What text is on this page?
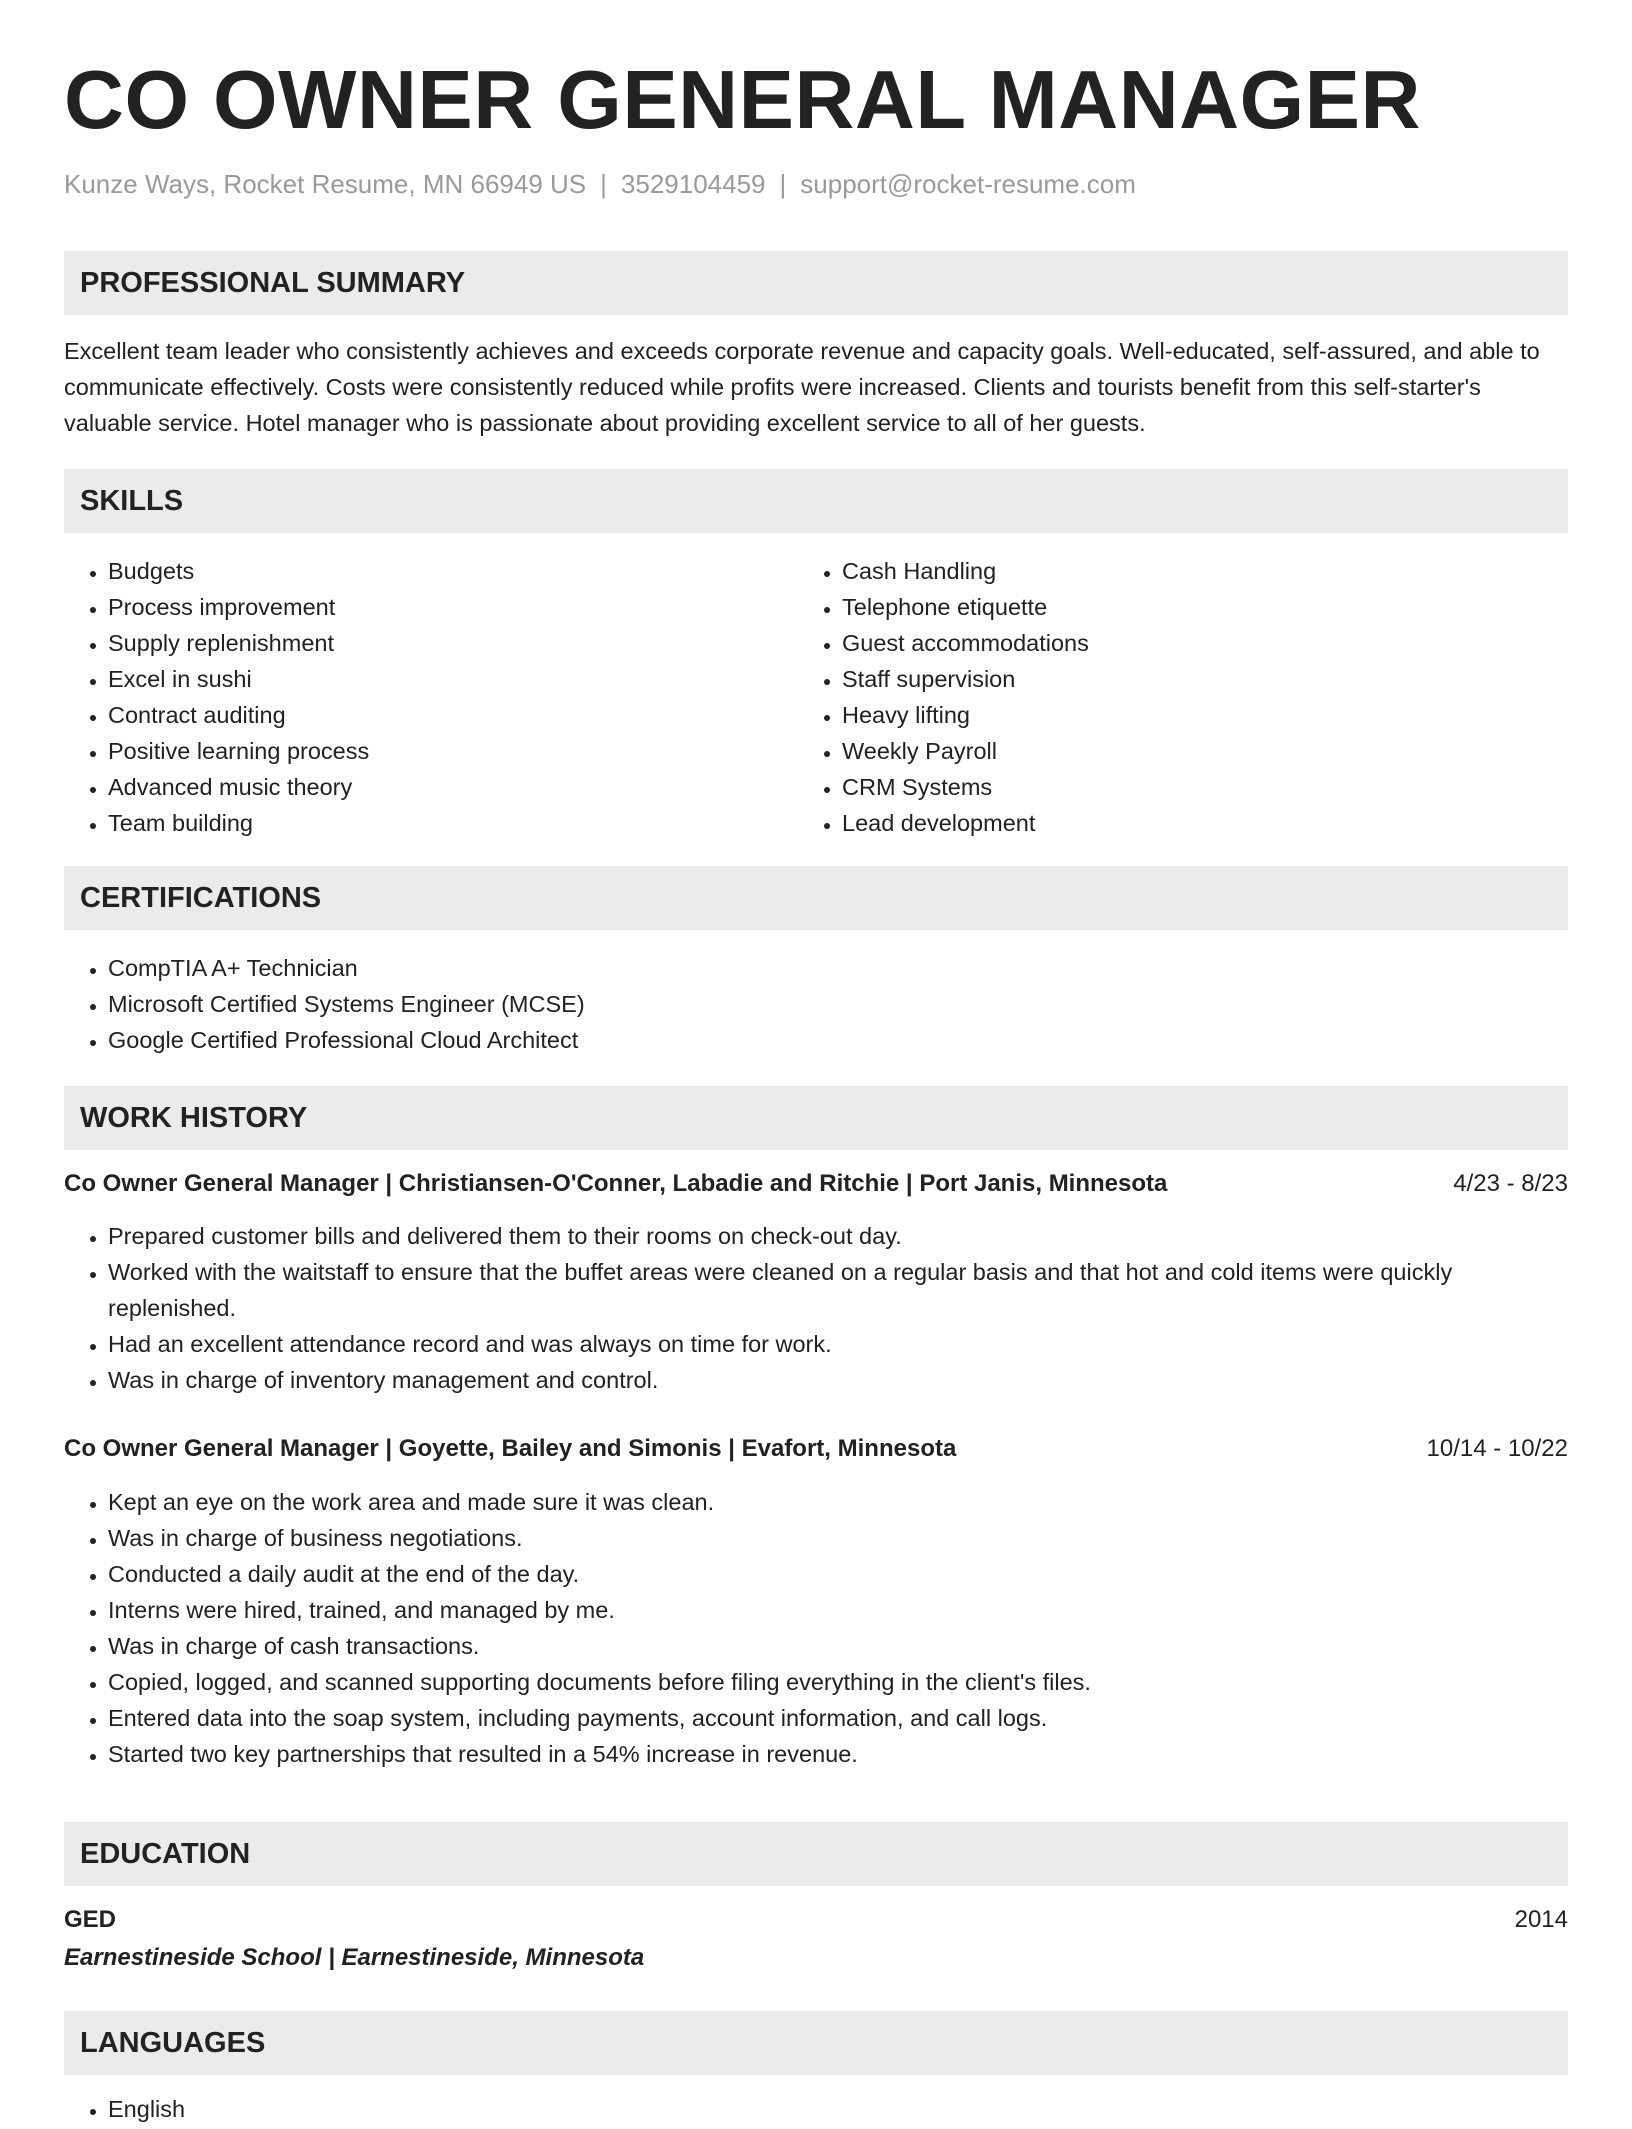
CO OWNER GENERAL MANAGER
Kunze Ways, Rocket Resume, MN 66949 US | 3529104459 | support@rocket-resume.com
PROFESSIONAL SUMMARY
Excellent team leader who consistently achieves and exceeds corporate revenue and capacity goals. Well-educated, self-assured, and able to communicate effectively. Costs were consistently reduced while profits were increased. Clients and tourists benefit from this self-starter's valuable service. Hotel manager who is passionate about providing excellent service to all of her guests.
SKILLS
• Budgets
• Process improvement
• Supply replenishment
• Excel in sushi
• Contract auditing
• Positive learning process
• Advanced music theory
• Team building
• Cash Handling
• Telephone etiquette
• Guest accommodations
• Staff supervision
• Heavy lifting
• Weekly Payroll
• CRM Systems
• Lead development
CERTIFICATIONS
• CompTIA A+ Technician
• Microsoft Certified Systems Engineer (MCSE)
• Google Certified Professional Cloud Architect
WORK HISTORY
Co Owner General Manager | Christiansen-O'Conner, Labadie and Ritchie | Port Janis, Minnesota	4/23 - 8/23
• Prepared customer bills and delivered them to their rooms on check-out day.
• Worked with the waitstaff to ensure that the buffet areas were cleaned on a regular basis and that hot and cold items were quickly replenished.
• Had an excellent attendance record and was always on time for work.
• Was in charge of inventory management and control.
Co Owner General Manager | Goyette, Bailey and Simonis | Evafort, Minnesota	10/14 - 10/22
• Kept an eye on the work area and made sure it was clean.
• Was in charge of business negotiations.
• Conducted a daily audit at the end of the day.
• Interns were hired, trained, and managed by me.
• Was in charge of cash transactions.
• Copied, logged, and scanned supporting documents before filing everything in the client's files.
• Entered data into the soap system, including payments, account information, and call logs.
• Started two key partnerships that resulted in a 54% increase in revenue.
EDUCATION
GED	2014
Earnestineside School | Earnestineside, Minnesota
LANGUAGES
• English
